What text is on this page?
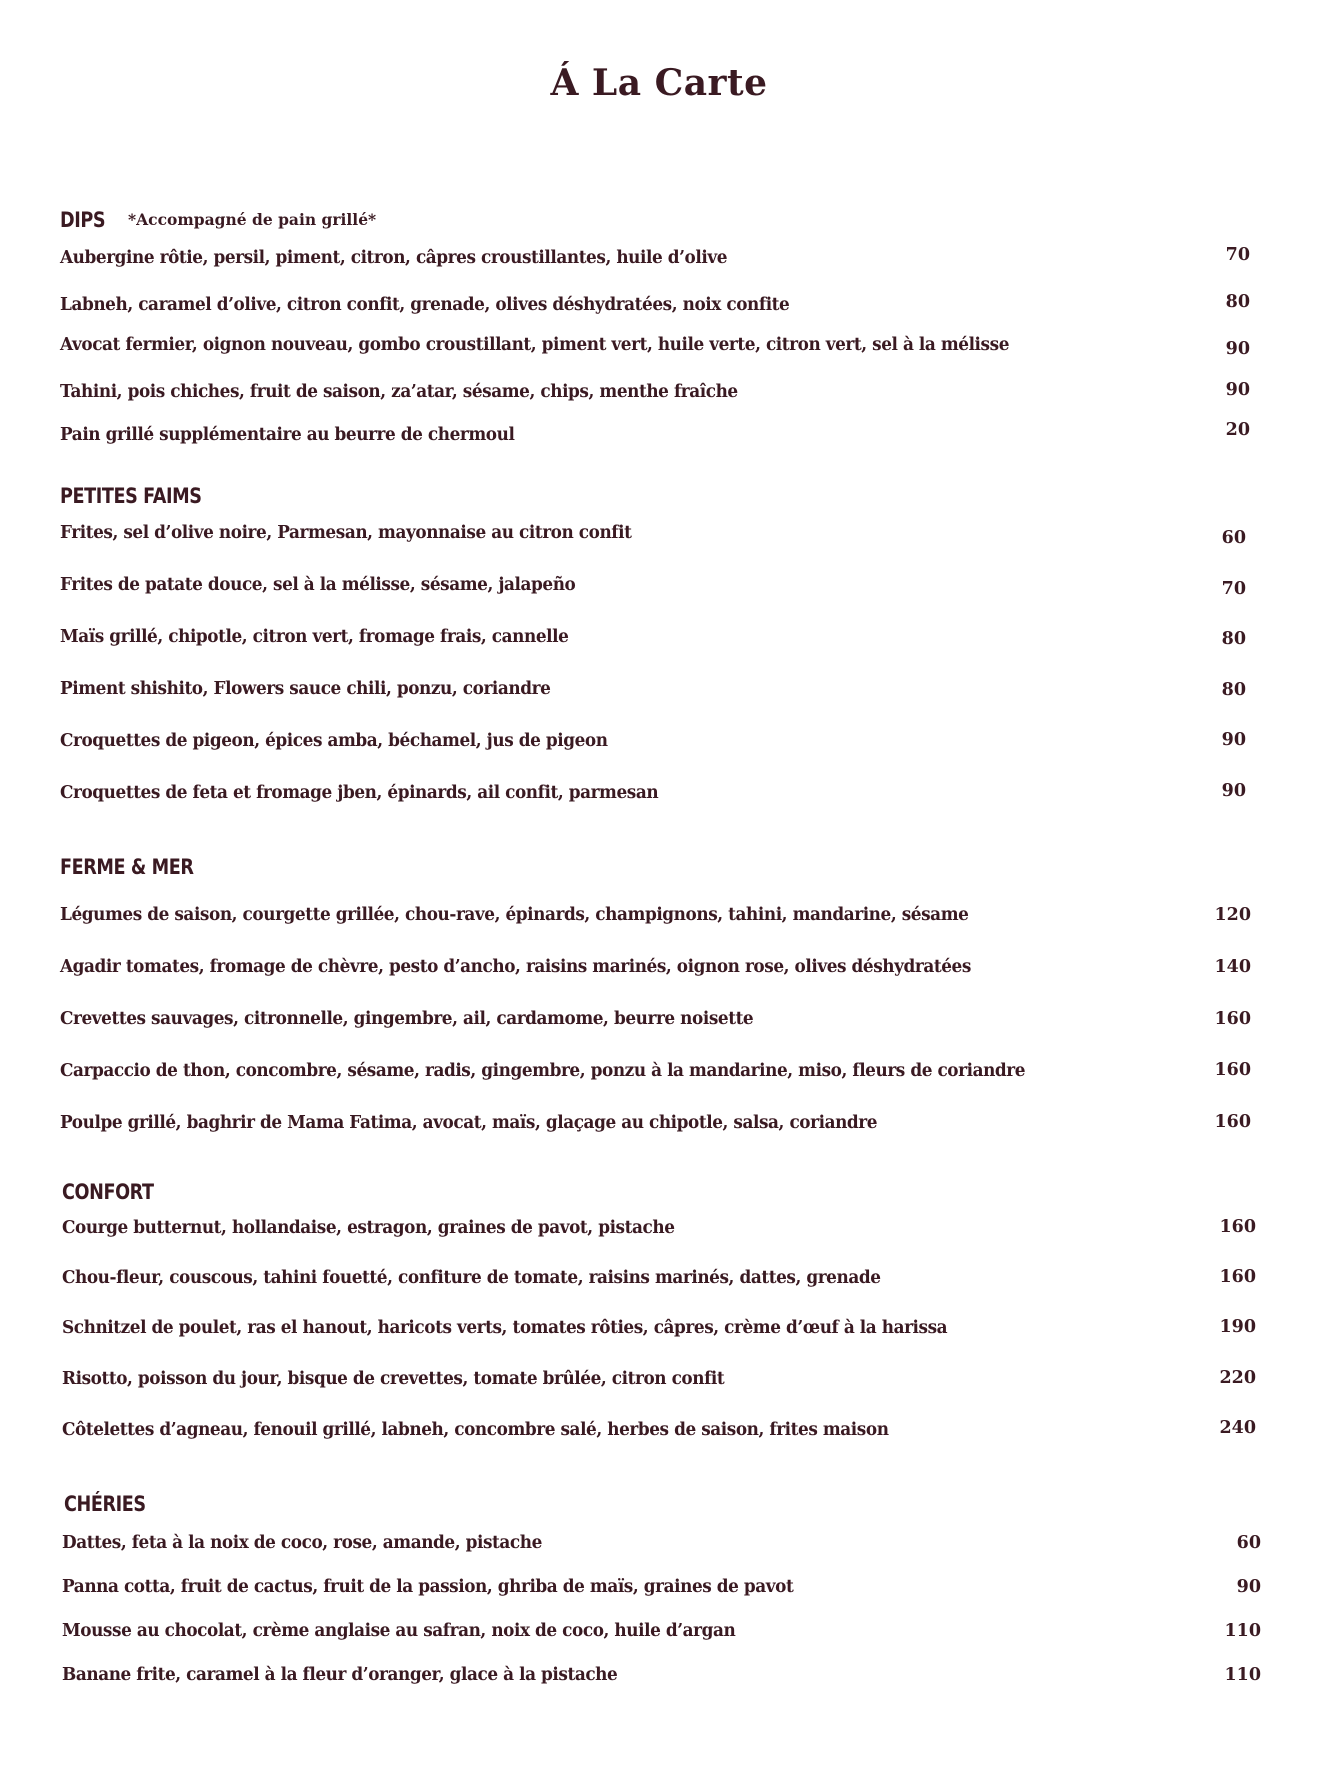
Á La Carte
DIPS	*Accompagné de pain grillé*
Aubergine rôtie, persil, piment, citron, câpres croustillantes, huile d’olive	70
Labneh, caramel d’olive, citron confit, grenade, olives déshydratées, noix confite	80
Avocat fermier, oignon nouveau, gombo croustillant, piment vert, huile verte, citron vert, sel à la mélisse	90
Tahini, pois chiches, fruit de saison, za’atar, sésame, chips, menthe fraîche	90
Pain grillé supplémentaire au beurre de chermoul	20
PETITES FAIMS
Frites, sel d’olive noire, Parmesan, mayonnaise au citron confit	60
Frites de patate douce, sel à la mélisse, sésame, jalapeño	70
Maïs grillé, chipotle, citron vert, fromage frais, cannelle	80
Piment shishito, Flowers sauce chili, ponzu, coriandre	80
Croquettes de pigeon, épices amba, béchamel, jus de pigeon	90
Croquettes de feta et fromage jben, épinards, ail confit, parmesan	90
FERME & MER
Légumes de saison, courgette grillée, chou-rave, épinards, champignons, tahini, mandarine, sésame	120
Agadir tomates, fromage de chèvre, pesto d’ancho, raisins marinés, oignon rose, olives déshydratées	140
Crevettes sauvages, citronnelle, gingembre, ail, cardamome, beurre noisette	160
Carpaccio de thon, concombre, sésame, radis, gingembre, ponzu à la mandarine, miso, fleurs de coriandre	160
Poulpe grillé, baghrir de Mama Fatima, avocat, maïs, glaçage au chipotle, salsa, coriandre	160
CONFORT
Courge butternut, hollandaise, estragon, graines de pavot, pistache	160
Chou-fleur, couscous, tahini fouetté, confiture de tomate, raisins marinés, dattes, grenade	160
Schnitzel de poulet, ras el hanout, haricots verts, tomates rôties, câpres, crème d’œuf à la harissa	190
Risotto, poisson du jour, bisque de crevettes, tomate brûlée, citron confit	220
Côtelettes d’agneau, fenouil grillé, labneh, concombre salé, herbes de saison, frites maison	240
CHÉRIES
Dattes, feta à la noix de coco, rose, amande, pistache	60
Panna cotta, fruit de cactus, fruit de la passion, ghriba de maïs, graines de pavot	90
Mousse au chocolat, crème anglaise au safran, noix de coco, huile d’argan	110
Banane frite, caramel à la fleur d’oranger, glace à la pistache	110
